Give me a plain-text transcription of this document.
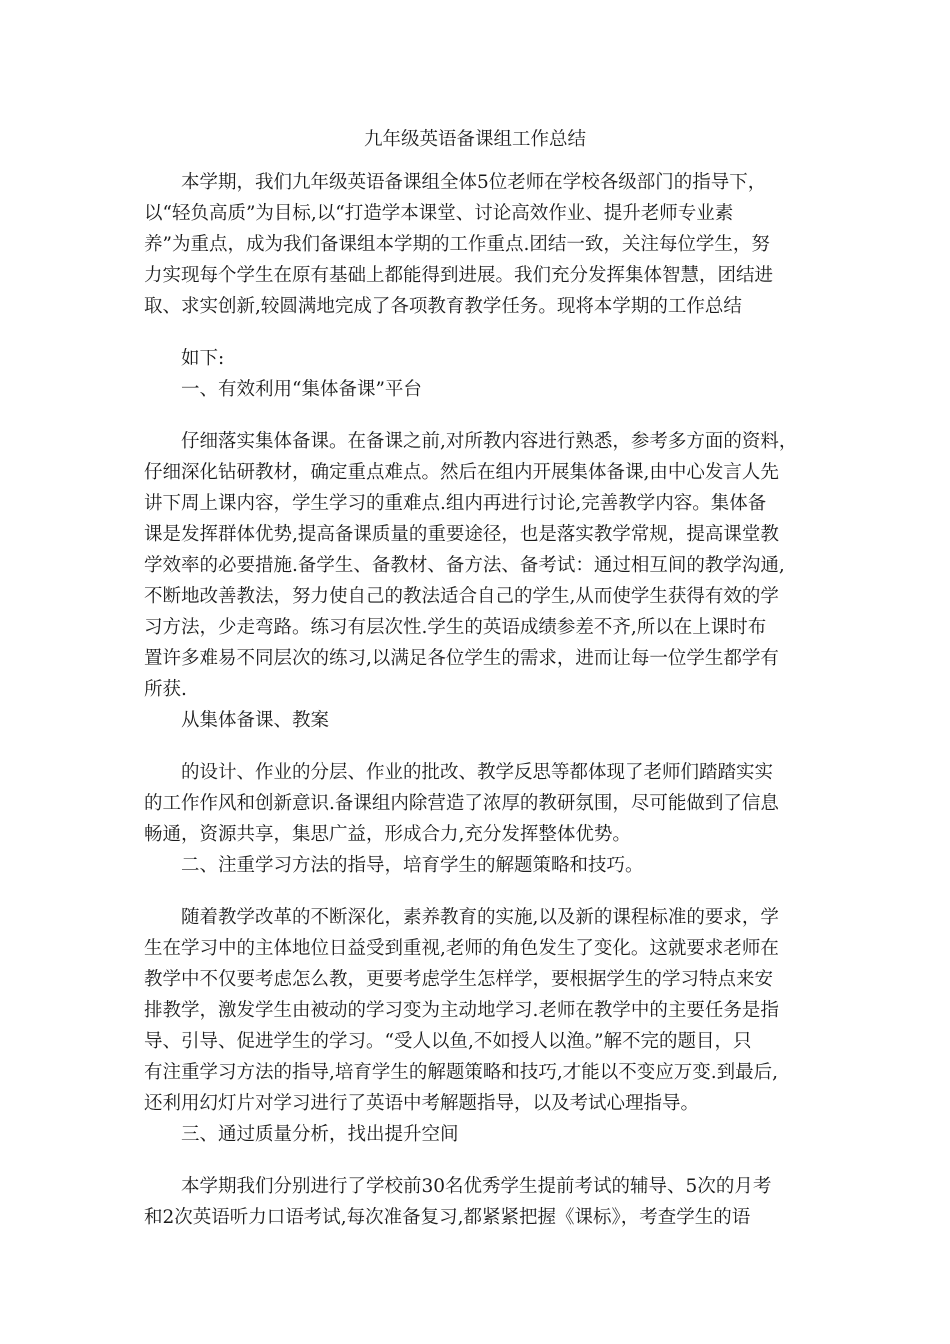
九年级英语备课组工作总结
本学期，我们九年级英语备课组全体5位老师在学校各级部门的指导下，
以“轻负高质”为目标,以“打造学本课堂、讨论高效作业、提升老师专业素
养”为重点，成为我们备课组本学期的工作重点.团结一致，关注每位学生，努
力实现每个学生在原有基础上都能得到进展。我们充分发挥集体智慧，团结进
取、求实创新,较圆满地完成了各项教育教学任务。现将本学期的工作总结
如下:
一、有效利用“集体备课”平台
仔细落实集体备课。在备课之前,对所教内容进行熟悉，参考多方面的资料，
仔细深化钻研教材，确定重点难点。然后在组内开展集体备课,由中心发言人先
讲下周上课内容，学生学习的重难点.组内再进行讨论,完善教学内容。集体备
课是发挥群体优势,提高备课质量的重要途径，也是落实教学常规，提高课堂教
学效率的必要措施.备学生、备教材、备方法、备考试：通过相互间的教学沟通,
不断地改善教法，努力使自己的教法适合自己的学生,从而使学生获得有效的学
习方法，少走弯路。练习有层次性.学生的英语成绩参差不齐,所以在上课时布
置许多难易不同层次的练习,以满足各位学生的需求，进而让每一位学生都学有
所获.
从集体备课、教案
的设计、作业的分层、作业的批改、教学反思等都体现了老师们踏踏实实
的工作作风和创新意识.备课组内除营造了浓厚的教研氛围，尽可能做到了信息
畅通，资源共享，集思广益，形成合力,充分发挥整体优势。
二、注重学习方法的指导，培育学生的解题策略和技巧。
随着教学改革的不断深化，素养教育的实施,以及新的课程标准的要求，学
生在学习中的主体地位日益受到重视,老师的角色发生了变化。这就要求老师在
教学中不仅要考虑怎么教，更要考虑学生怎样学，要根据学生的学习特点来安
排教学，激发学生由被动的学习变为主动地学习.老师在教学中的主要任务是指
导、引导、促进学生的学习。“受人以鱼,不如授人以渔。”解不完的题目，只
有注重学习方法的指导,培育学生的解题策略和技巧,才能以不变应万变.到最后,
还利用幻灯片对学习进行了英语中考解题指导，以及考试心理指导。
三、通过质量分析，找出提升空间
本学期我们分别进行了学校前30名优秀学生提前考试的辅导、5次的月考
和2次英语听力口语考试,每次准备复习,都紧紧把握《课标》，考查学生的语
